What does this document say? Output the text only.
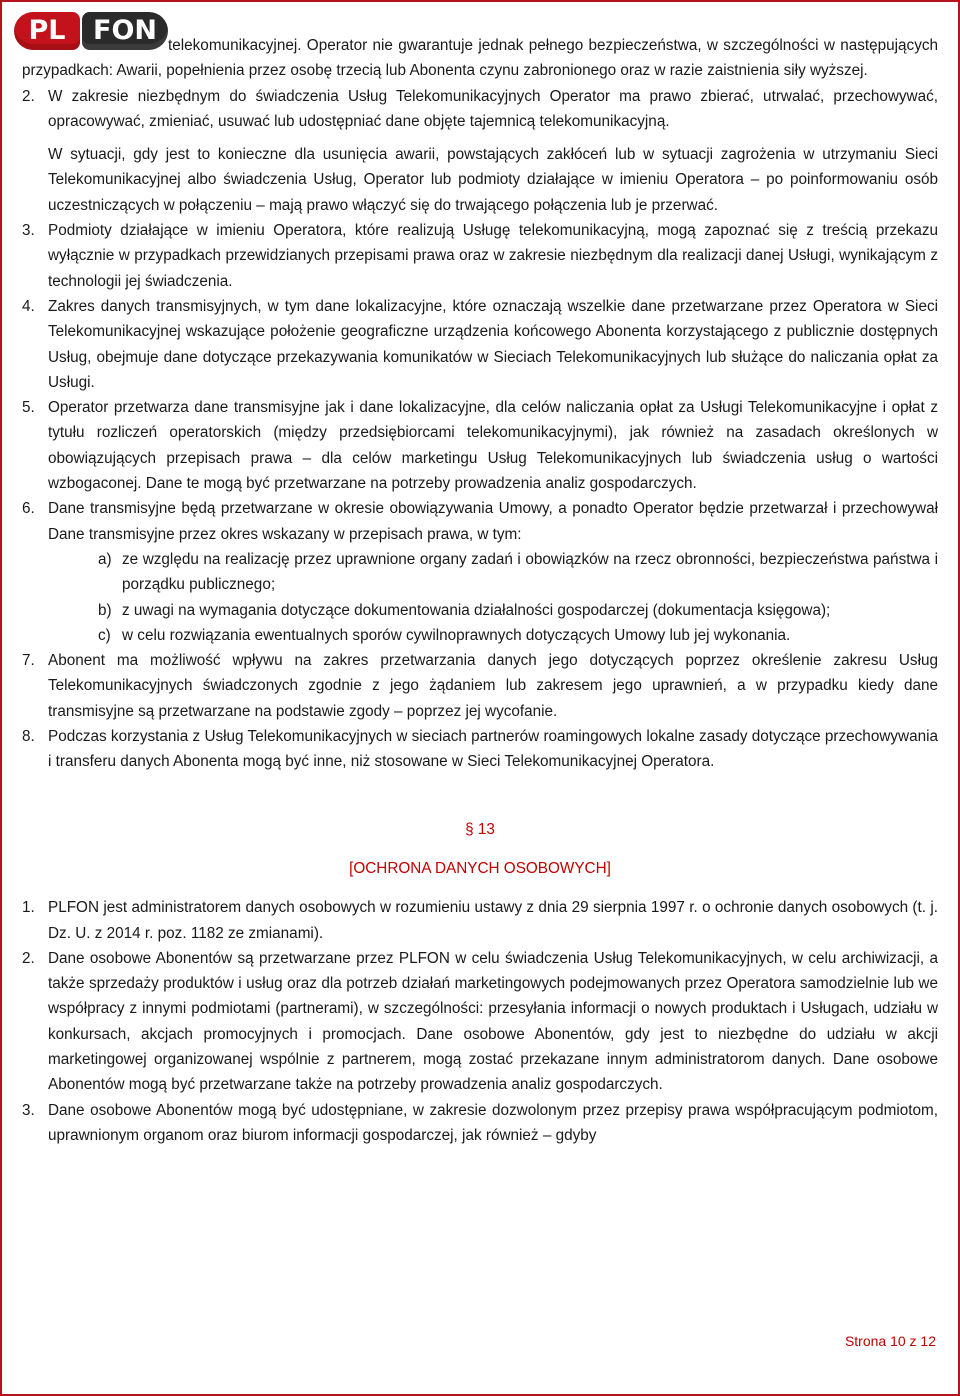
PL	FON telekomunikacyjnej. Operator nie gwarantuje jednak pełnego bezpieczeństwa, w szczególności w następujących przypadkach: Awarii, popełnienia przez osobę trzecią lub Abonenta czynu zabronionego oraz w razie zaistnienia siły wyższej.

2. W zakresie niezbędnym do świadczenia Usług Telekomunikacyjnych Operator ma prawo zbierać, utrwalać, przechowywać, opracowywać, zmieniać, usuwać lub udostępniać dane objęte tajemnicą telekomunikacyjną.

W sytuacji, gdy jest to konieczne dla usunięcia awarii, powstających zakłóceń lub w sytuacji zagrożenia w utrzymaniu Sieci Telekomunikacyjnej albo świadczenia Usług, Operator lub podmioty działające w imieniu Operatora – po poinformowaniu osób uczestniczących w połączeniu – mają prawo włączyć się do trwającego połączenia lub je przerwać.

3. Podmioty działające w imieniu Operatora, które realizują Usługę telekomunikacyjną, mogą zapoznać się z treścią przekazu wyłącznie w przypadkach przewidzianych przepisami prawa oraz w zakresie niezbędnym dla realizacji danej Usługi, wynikającym z technologii jej świadczenia.

4. Zakres danych transmisyjnych, w tym dane lokalizacyjne, które oznaczają wszelkie dane przetwarzane przez Operatora w Sieci Telekomunikacyjnej wskazujące położenie geograficzne urządzenia końcowego Abonenta korzystającego z publicznie dostępnych Usług, obejmuje dane dotyczące przekazywania komunikatów w Sieciach Telekomunikacyjnych lub służące do naliczania opłat za Usługi.

5. Operator przetwarza dane transmisyjne jak i dane lokalizacyjne, dla celów naliczania opłat za Usługi Telekomunikacyjne i opłat z tytułu rozliczeń operatorskich (między przedsiębiorcami telekomunikacyjnymi), jak również na zasadach określonych w obowiązujących przepisach prawa – dla celów marketingu Usług Telekomunikacyjnych lub świadczenia usług o wartości wzbogaconej. Dane te mogą być przetwarzane na potrzeby prowadzenia analiz gospodarczych.

6. Dane transmisyjne będą przetwarzane w okresie obowiązywania Umowy, a ponadto Operator będzie przetwarzał i przechowywał Dane transmisyjne przez okres wskazany w przepisach prawa, w tym:

a) ze względu na realizację przez uprawnione organy zadań i obowiązków na rzecz obronności, bezpieczeństwa państwa i porządku publicznego;

b) z uwagi na wymagania dotyczące dokumentowania działalności gospodarczej (dokumentacja księgowa);

c) w celu rozwiązania ewentualnych sporów cywilnoprawnych dotyczących Umowy lub jej wykonania.

7. Abonent ma możliwość wpływu na zakres przetwarzania danych jego dotyczących poprzez określenie zakresu Usług Telekomunikacyjnych świadczonych zgodnie z jego żądaniem lub zakresem jego uprawnień, a w przypadku kiedy dane transmisyjne są przetwarzane na podstawie zgody – poprzez jej wycofanie.

8. Podczas korzystania z Usług Telekomunikacyjnych w sieciach partnerów roamingowych lokalne zasady dotyczące przechowywania i transferu danych Abonenta mogą być inne, niż stosowane w Sieci Telekomunikacyjnej Operatora.

§ 13
[OCHRONA DANYCH OSOBOWYCH]
1. PLFON jest administratorem danych osobowych w rozumieniu ustawy z dnia 29 sierpnia 1997 r. o ochronie danych osobowych (t. j. Dz. U. z 2014 r. poz. 1182 ze zmianami).

2. Dane osobowe Abonentów są przetwarzane przez PLFON w celu świadczenia Usług Telekomunikacyjnych, w celu archiwizacji, a także sprzedaży produktów i usług oraz dla potrzeb działań marketingowych podejmowanych przez Operatora samodzielnie lub we współpracy z innymi podmiotami (partnerami), w szczególności: przesyłania informacji o nowych produktach i Usługach, udziału w konkursach, akcjach promocyjnych i promocjach. Dane osobowe Abonentów, gdy jest to niezbędne do udziału w akcji marketingowej organizowanej wspólnie z partnerem, mogą zostać przekazane innym administratorom danych. Dane osobowe Abonentów mogą być przetwarzane także na potrzeby prowadzenia analiz gospodarczych.

3. Dane osobowe Abonentów mogą być udostępniane, w zakresie dozwolonym przez przepisy prawa współpracującym podmiotom, uprawnionym organom oraz biurom informacji gospodarczej, jak również – gdyby

Strona 10 z 12
